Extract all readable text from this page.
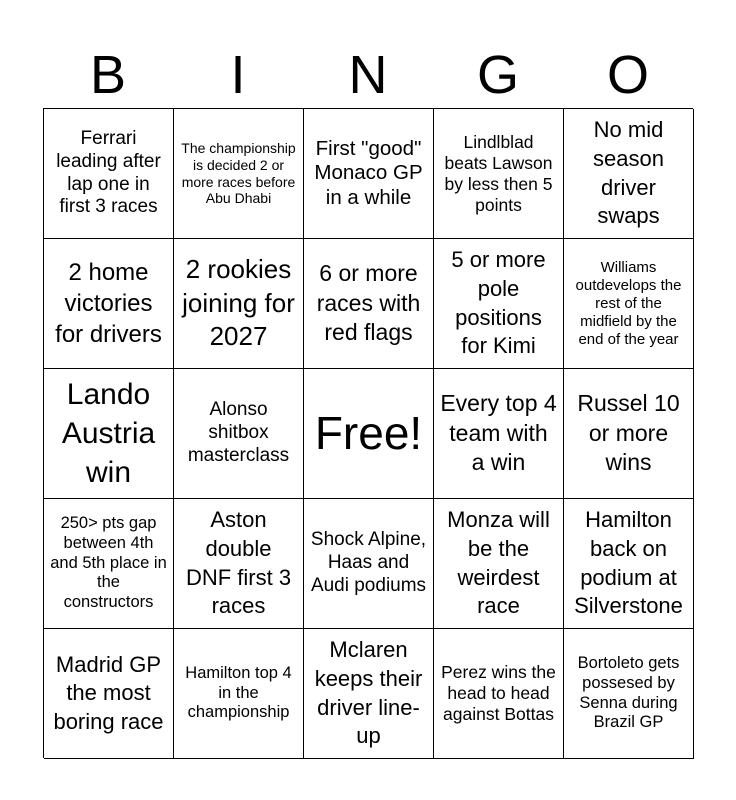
B	I	N	G	O
Ferrari leading after lap one in first 3 races
The championship is decided 2 or more races before Abu Dhabi
First "good" Monaco GP in a while
Lindlblad beats Lawson by less then 5 points
No mid season driver swaps
2 home victories for drivers
2 rookies joining for 2027
6 or more races with red flags
5 or more pole positions for Kimi
Williams outdevelops the rest of the midfield by the end of the year
Lando Austria win
Alonso shitbox masterclass Free!
Every top 4 team with a win
Russel 10 or more wins
250> pts gap between 4th and 5th place in the constructors
Aston double DNF first 3 races
Shock Alpine, Haas and Audi podiums
Monza will be the weirdest race
Hamilton back on podium at Silverstone
Madrid GP the most boring race
Hamilton top 4 in the championship
Mclaren keeps their driver line-up
Perez wins the head to head against Bottas
Bortoleto gets possesed by Senna during Brazil GP
